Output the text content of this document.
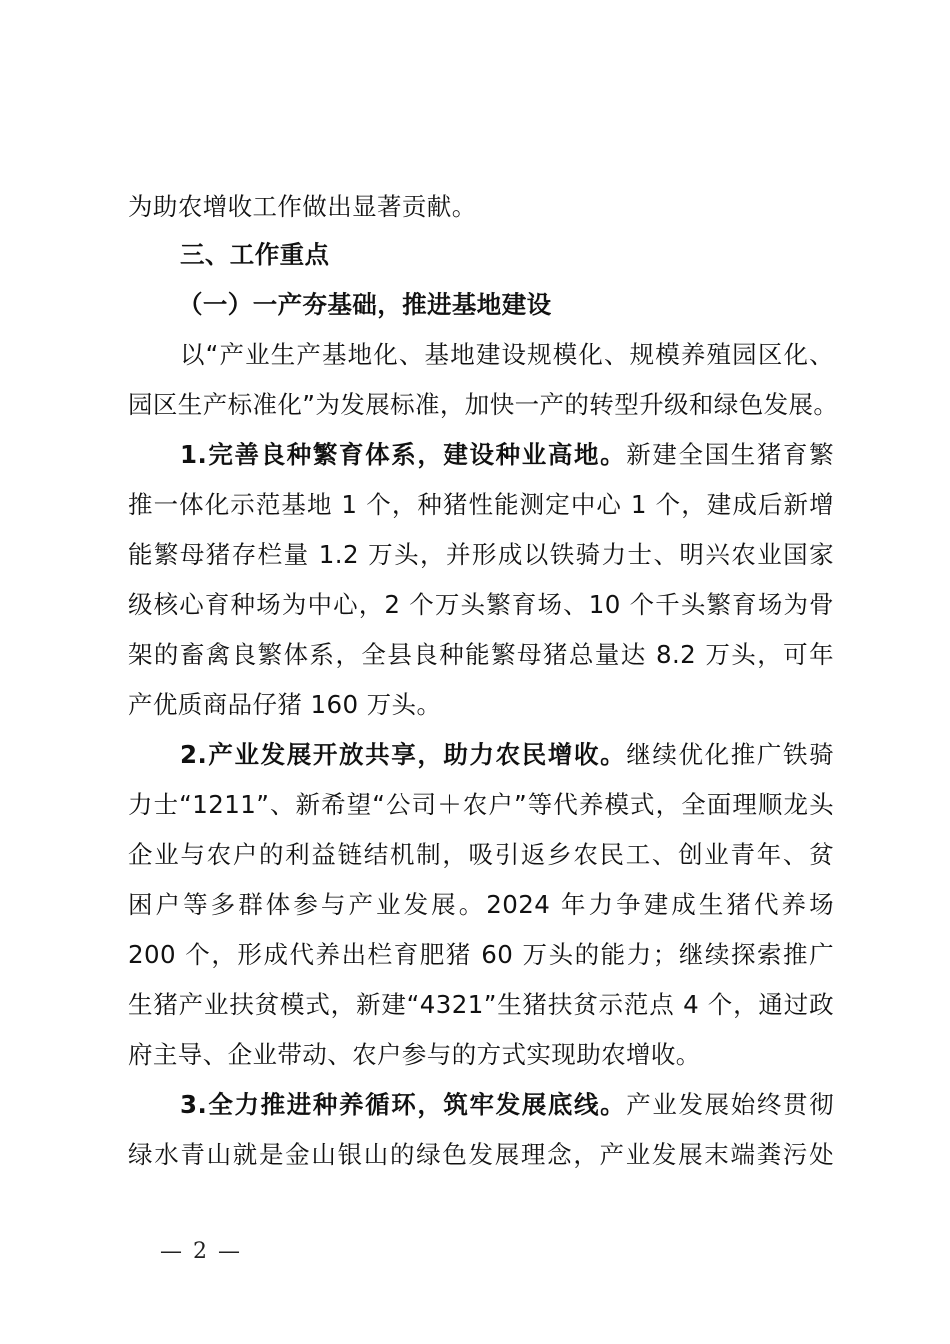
为助农增收工作做出显著贡献。
三、工作重点
（一）一产夯基础，推进基地建设
以“产业生产基地化、基地建设规模化、规模养殖园区化、
园区生产标准化”为发展标准，加快一产的转型升级和绿色发展。
1.完善良种繁育体系，建设种业高地。新建全国生猪育繁
推一体化示范基地 1 个，种猪性能测定中心 1 个，建成后新增
能繁母猪存栏量 1.2 万头，并形成以铁骑力士、明兴农业国家
级核心育种场为中心，2 个万头繁育场、10 个千头繁育场为骨
架的畜禽良繁体系，全县良种能繁母猪总量达 8.2 万头，可年
产优质商品仔猪 160 万头。
2.产业发展开放共享，助力农民增收。继续优化推广铁骑
力士“1211”、新希望“公司＋农户”等代养模式，全面理顺龙头
企业与农户的利益链结机制，吸引返乡农民工、创业青年、贫
困户等多群体参与产业发展。2024 年力争建成生猪代养场
200 个，形成代养出栏育肥猪 60 万头的能力；继续探索推广
生猪产业扶贫模式，新建“4321”生猪扶贫示范点 4 个，通过政
府主导、企业带动、农户参与的方式实现助农增收。
3.全力推进种养循环，筑牢发展底线。产业发展始终贯彻
绿水青山就是金山银山的绿色发展理念，产业发展末端粪污处
— 2 —
